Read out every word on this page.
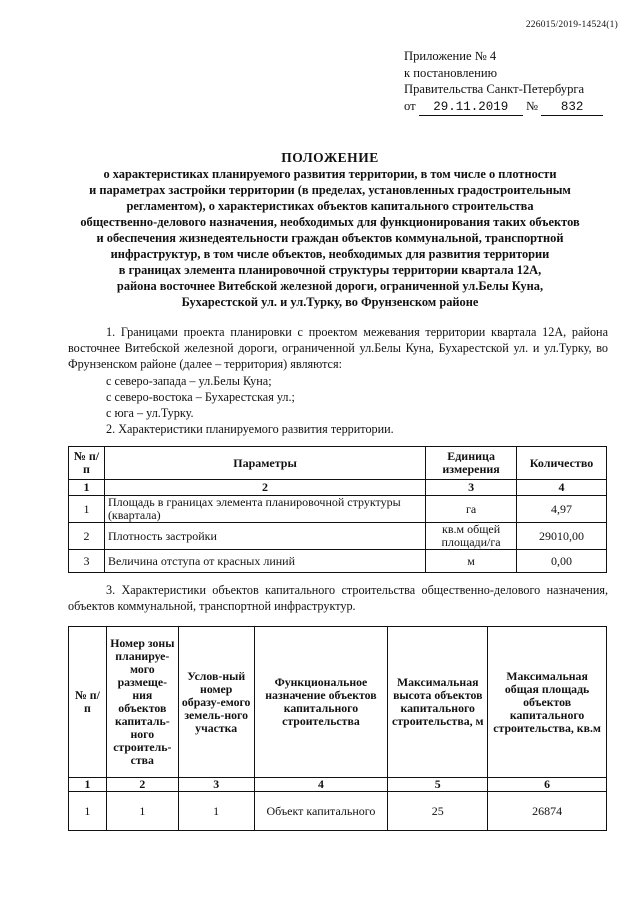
226015/2019-14524(1)
Приложение № 4
к постановлению
Правительства Санкт-Петербурга
от 29.11.2019 № 832
ПОЛОЖЕНИЕ
о характеристиках планируемого развития территории, в том числе о плотности
и параметрах застройки территории (в пределах, установленных градостроительным
регламентом), о характеристиках объектов капитального строительства
общественно-делового назначения, необходимых для функционирования таких объектов
и обеспечения жизнедеятельности граждан объектов коммунальной, транспортной
инфраструктур, в том числе объектов, необходимых для развития территории
в границах элемента планировочной структуры территории квартала 12А,
района восточнее Витебской железной дороги, ограниченной ул.Белы Куна,
Бухарестской ул. и ул.Турку, во Фрунзенском районе
1. Границами проекта планировки с проектом межевания территории квартала 12А, района восточнее Витебской железной дороги, ограниченной ул.Белы Куна, Бухарестской ул. и ул.Турку, во Фрунзенском районе (далее – территория) являются:
с северо-запада – ул.Белы Куна;
с северо-востока – Бухарестская ул.;
с юга – ул.Турку.
2. Характеристики планируемого развития территории.
№ п/п	Параметры	Единица измерения	Количество
1	2	3	4
1	Площадь в границах элемента планировочной структуры (квартала)	га	4,97
2	Плотность застройки	кв.м общей площади/га	29010,00
3	Величина отступа от красных линий	м	0,00
3. Характеристики объектов капитального строительства общественно-делового назначения, объектов коммунальной, транспортной инфраструктур.
№ п/п	Номер зоны планируе-мого размеще-ния объектов капиталь-ного строитель-ства	Услов-ный номер образу-емого земель-ного участка	Функциональное назначение объектов капитального строительства	Максимальная высота объектов капитального строительства, м	Максимальная общая площадь объектов капитального строительства, кв.м
1	2	3	4	5	6
1	1	1	Объект капитального	25	26874
